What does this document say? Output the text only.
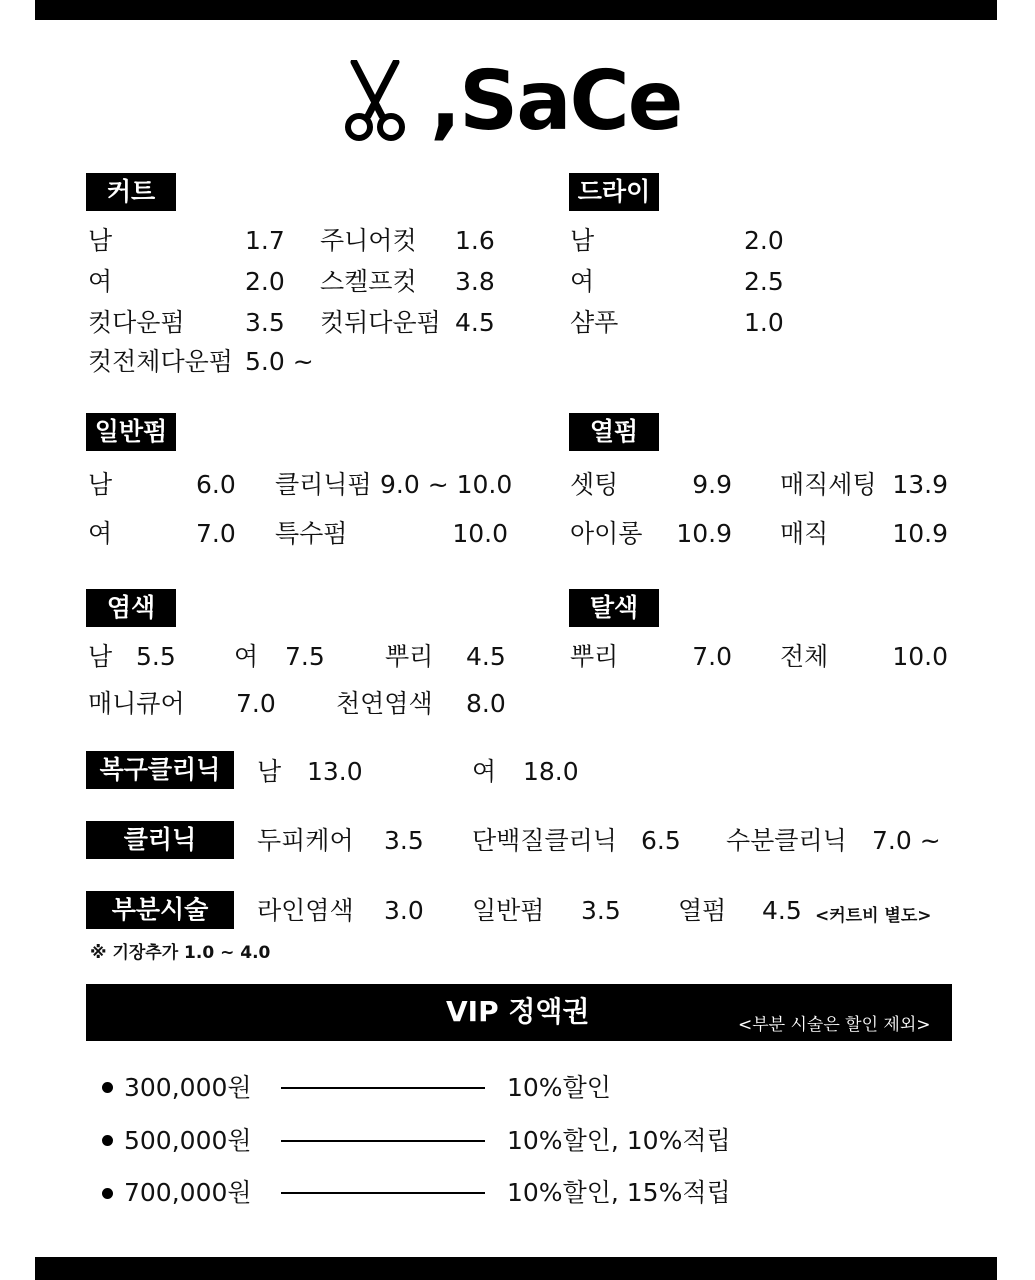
,SaCe
커트
남	1.7 주니어컷 1.6
여	2.0 스켈프컷 3.8
컷다운펌 3.5 컷뒤다운펌 4.5
컷전체다운펌 5.0 ~
드라이
남	2.0
여	2.5
샴푸	1.0
일반펌
남	6.0 클리닉펌 9.0 ~ 10.0
여	7.0 특수펌	10.0
열펌
셋팅	9.9 매직세팅 13.9
아이롱	10.9 매직	10.9
염색
남 5.5 여 7.5 뿌리 4.5
매니큐어 7.0 천연염색 8.0
탈색
뿌리	7.0 전체	10.0
복구클리닉	남 13.0	여 18.0
클리닉	두피케어 3.5 단백질클리닉 6.5 수분클리닉 7.0 ~
부분시술	라인염색 3.0 일반펌 3.5 열펌 4.5 <커트비 별도>
※ 기장추가 1.0 ~ 4.0
VIP 정액권	<부분 시술은 할인 제외>
300,000원	10%할인
500,000원	10%할인, 10%적립
700,000원	10%할인, 15%적립
